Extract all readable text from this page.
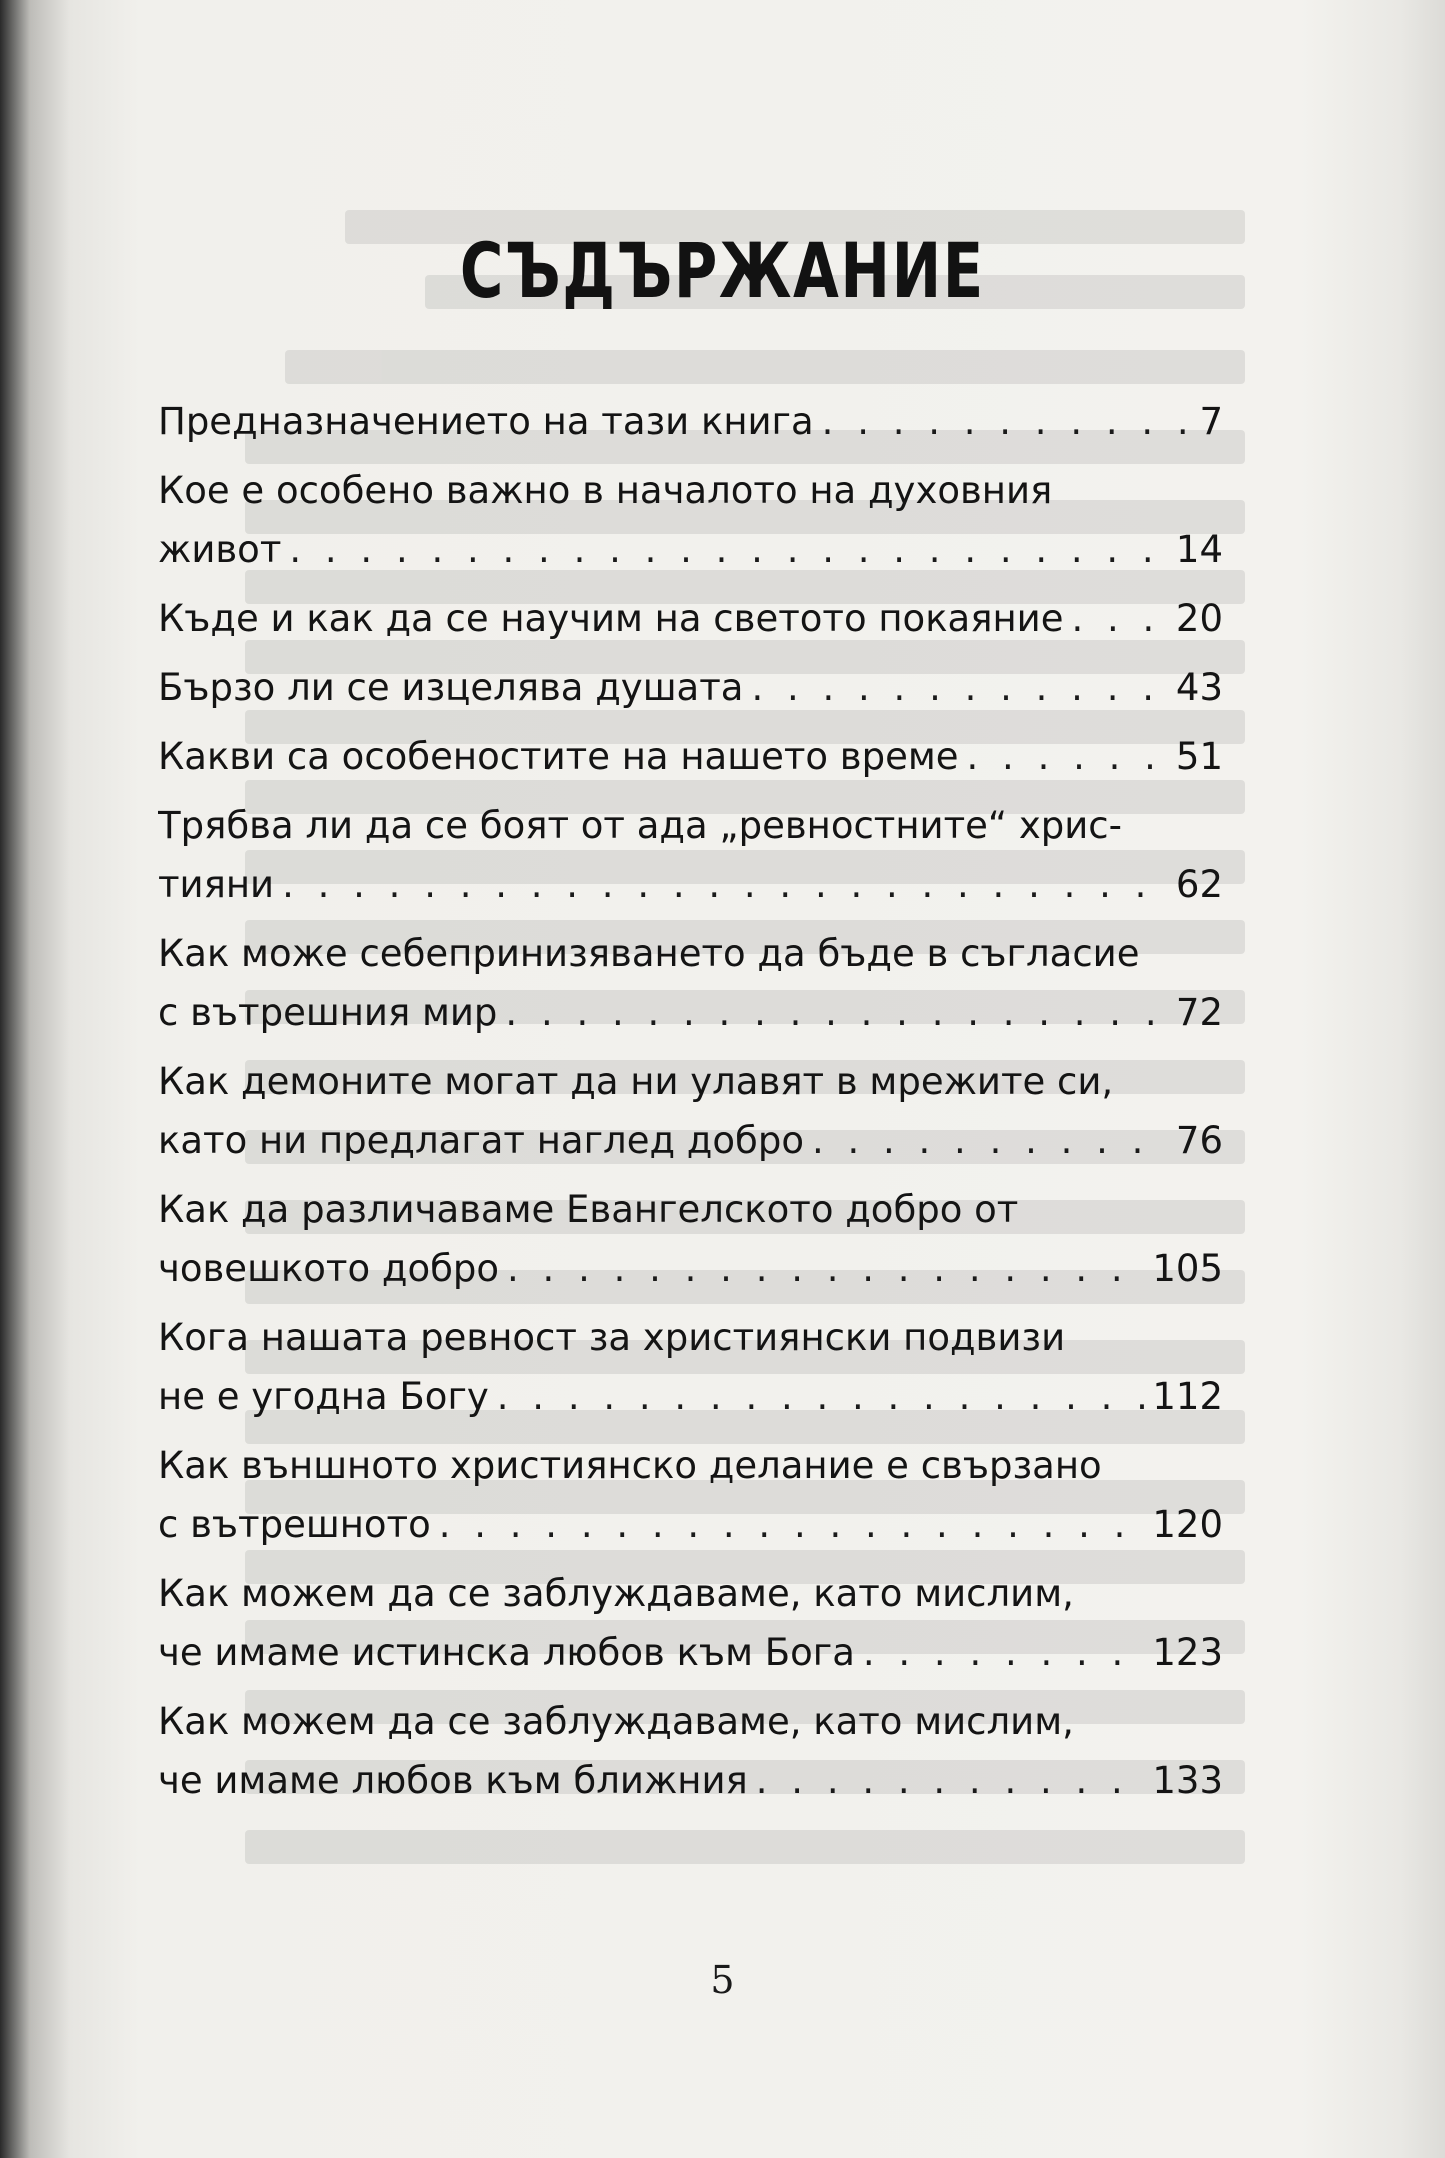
СЪДЪРЖАНИЕ
Предназначението на тази книга . . .	7
Кое е особено важно в началото на духовния
живот . . .	14
Къде и как да се научим на светото покаяние . . .	20
Бързо ли се изцелява душата . . .	43
Какви са особеностите на нашето време . . .	51
Трябва ли да се боят от ада „ревностните“ хрис-
тияни . . .	62
Как може себепринизяването да бъде в съгласие
с вътрешния мир . . .	72
Как демоните могат да ни улавят в мрежите си,
като ни предлагат наглед добро . . .	76
Как да различаваме Евангелското добро от
човешкото добро . . .	105
Кога нашата ревност за християнски подвизи
не е угодна Богу . . .	112
Как външното християнско делание е свързано
с вътрешното . . .	120
Как можем да се заблуждаваме, като мислим,
че имаме истинска любов към Бога . . .	123
Как можем да се заблуждаваме, като мислим,
че имаме любов към ближния . . .	133
5
